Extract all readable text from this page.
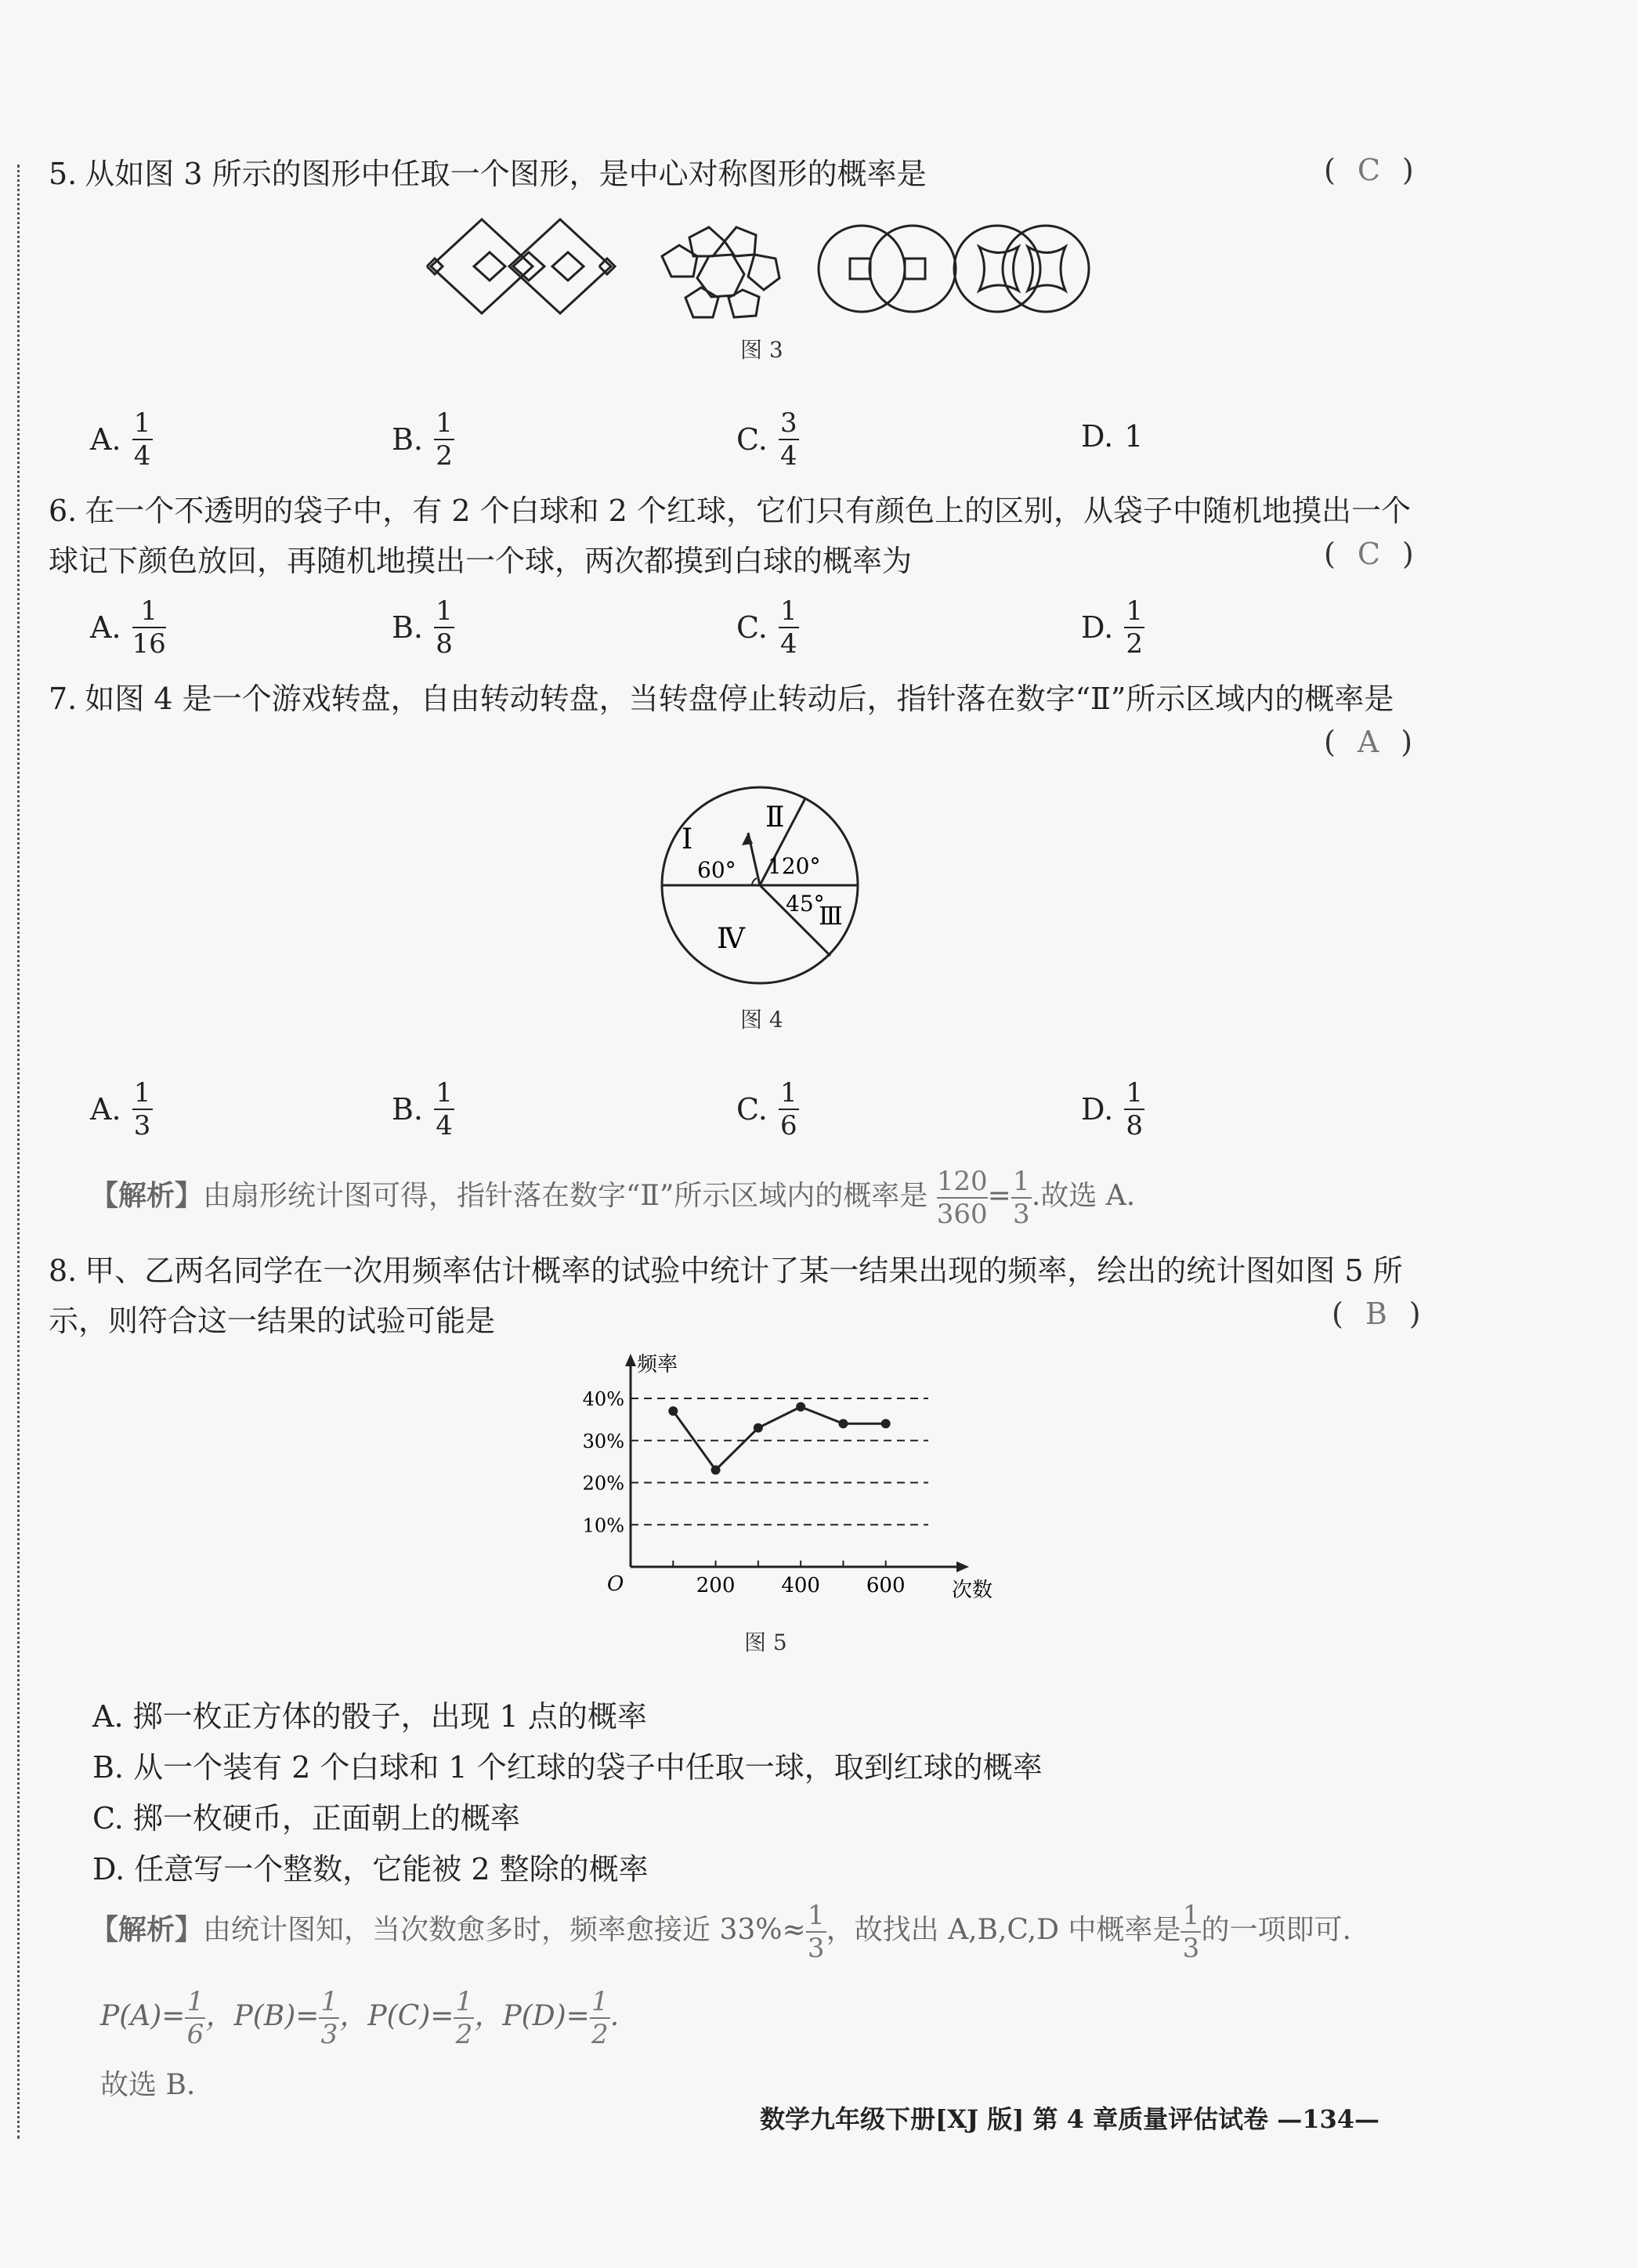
5. 从如图 3 所示的图形中任取一个图形，是中心对称图形的概率是	( C )
图 3
A. $\frac{1}{4}$	B. $\frac{1}{2}$	C. $\frac{3}{4}$	D. 1
6. 在一个不透明的袋子中，有 2 个白球和 2 个红球，它们只有颜色上的区别，从袋子中随机地摸出一个
球记下颜色放回，再随机地摸出一个球，两次都摸到白球的概率为	( C )
A. $\frac{1}{16}$	B. $\frac{1}{8}$	C. $\frac{1}{4}$	D. $\frac{1}{2}$
7. 如图 4 是一个游戏转盘，自由转动转盘，当转盘停止转动后，指针落在数字“Ⅱ”所示区域内的概率是
( A )
Ⅰ
Ⅱ
Ⅲ
Ⅳ
60° 120°
45°
图 4
A. $\frac{1}{3}$	B. $\frac{1}{4}$	C. $\frac{1}{6}$	D. $\frac{1}{8}$
【解析】由扇形统计图可得，指针落在数字“Ⅱ”所示区域内的概率是 $\frac{120}{360} = \frac{1}{3}$ .故选 A.
8. 甲、乙两名同学在一次用频率估计概率的试验中统计了某一结果出现的频率，绘出的统计图如图 5 所
示，则符合这一结果的试验可能是	( B )
频率
次数
O
10%
20%
30%
40%
200 400 600
图 5
A. 掷一枚正方体的骰子，出现 1 点的概率
B. 从一个装有 2 个白球和 1 个红球的袋子中任取一球，取到红球的概率
C. 掷一枚硬币，正面朝上的概率
D. 任意写一个整数，它能被 2 整除的概率
【解析】由统计图知，当次数愈多时，频率愈接近 $33\%\approx \frac{1}{3}$ ，故找出 A,B,C,D 中概率是 $\frac{1}{3}$ 的一项即可.
$P(A)= \frac{1}{6}$ ，$P(B)= \frac{1}{3}$ ，$P(C)= \frac{1}{2}$ ，$P(D)= \frac{1}{2}$ .
故选 B.
数学九年级下册[XJ 版] 第 4 章质量评估试卷 —134—
